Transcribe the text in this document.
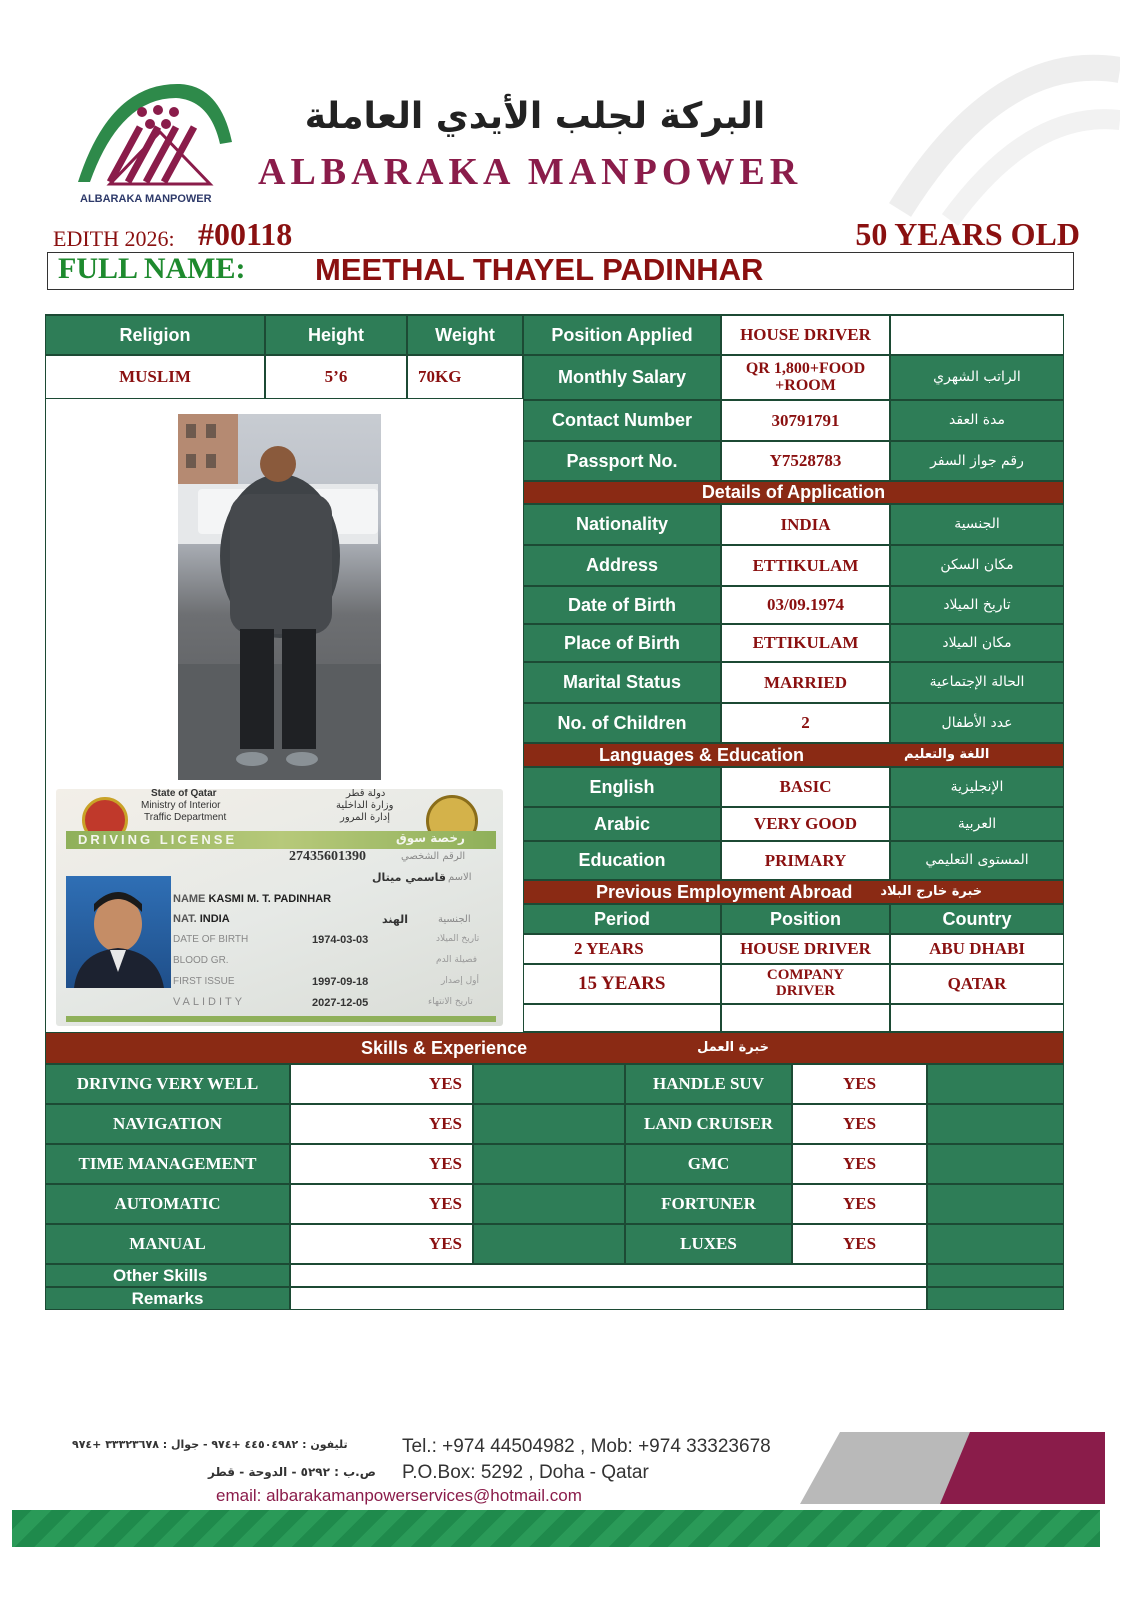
ALBARAKA MANPOWER
البركة لجلب الأيدي العاملة
ALBARAKA MANPOWER
EDITH 2026: #00118	50 YEARS OLD
FULL NAME: MEETHAL THAYEL PADINHAR
Religion	Height	Weight
MUSLIM	5’6	70KG
Position Applied	HOUSE DRIVER
Monthly Salary	QR 1,800+FOOD +ROOM	الراتب الشهري
Contact Number	30791791	مدة العقد
Passport No.	Y7528783	رقم جواز السفر
Details of Application
Nationality	INDIA	الجنسية
Address	ETTIKULAM	مكان السكن
Date of Birth	03/09.1974	تاريخ الميلاد
Place of Birth	ETTIKULAM	مكان الميلاد
Marital Status	MARRIED	الحالة الإجتماعية
No. of Children	2	عدد الأطفال
Languages & Education	اللغة والتعليم
English	BASIC	الإنجليزية
Arabic	VERY GOOD	العربية
Education	PRIMARY	المستوى التعليمي
Previous Employment Abroad خبرة خارج البلاد
Period	Position	Country
2 YEARS	HOUSE DRIVER	ABU DHABI
15 YEARS	COMPANY DRIVER	QATAR
State of Qatar
Ministry of Interior
Traffic Department
دولة قطر
وزارة الداخلية
إدارة المرور
DRIVING LICENSE	رخصة سوق
27435601390	الرقم الشخصي
قاسمي ميتال الاسم
NAME KASMI M. T. PADINHAR
NAT. INDIA	الهند	الجنسية
DATE OF BIRTH	1974-03-03	تاريخ الميلاد
BLOOD GR.	فصيلة الدم
FIRST ISSUE	1997-09-18	أول إصدار
VALIDITY	2027-12-05	تاريخ الانتهاء
Skills & Experience	خبرة العمل
DRIVING VERY WELL	YES	HANDLE SUV	YES
NAVIGATION	YES	LAND CRUISER	YES
TIME MANAGEMENT	YES	GMC	YES
AUTOMATIC	YES	FORTUNER	YES
MANUAL	YES	LUXES	YES
Other Skills
Remarks
تليفون : ٤٤٥٠٤٩٨٢ +٩٧٤ - جوال : ٣٣٣٢٣٦٧٨ +٩٧٤	Tel.: +974 44504982 , Mob: +974 33323678
ص.ب : ٥٢٩٢ - الدوحة - قطر P.O.Box: 5292 , Doha - Qatar
email: albarakamanpowerservices@hotmail.com
